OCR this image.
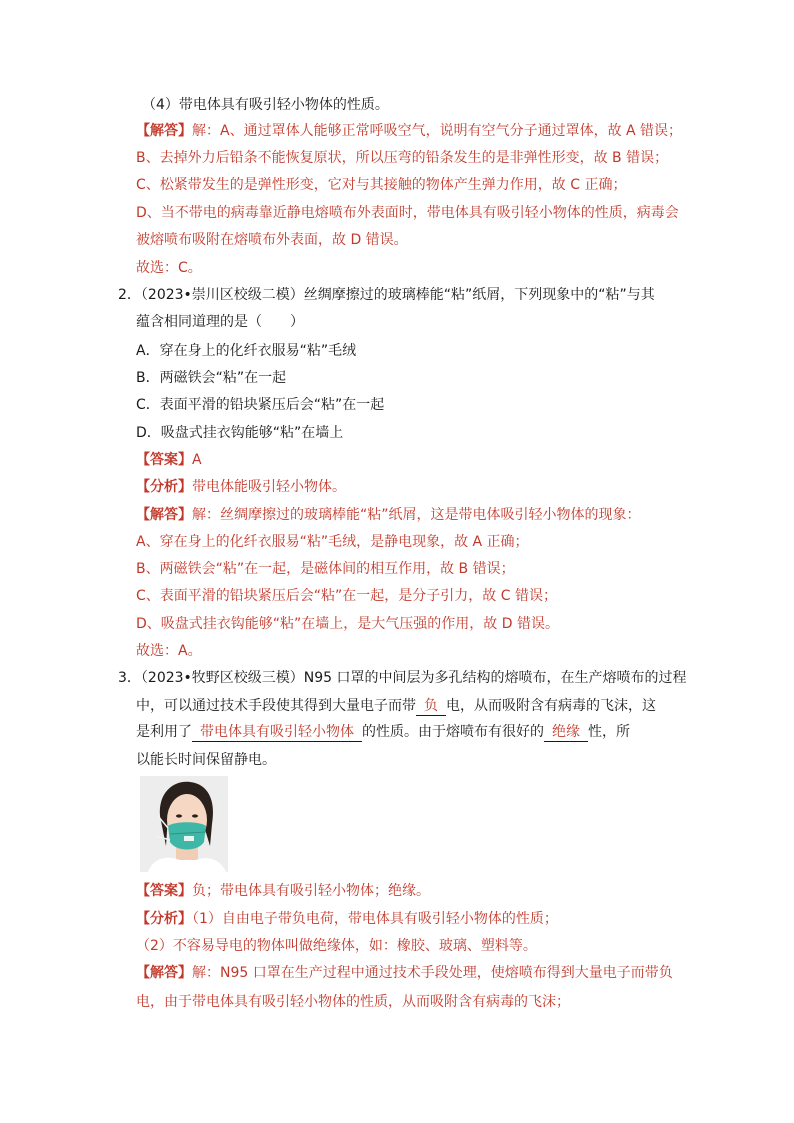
（4）带电体具有吸引轻小物体的性质。
【解答】解：A、通过罩体人能够正常呼吸空气，说明有空气分子通过罩体，故 A 错误；
B、去掉外力后铅条不能恢复原状，所以压弯的铅条发生的是非弹性形变，故 B 错误；
C、松紧带发生的是弹性形变，它对与其接触的物体产生弹力作用，故 C 正确；
D、当不带电的病毒靠近静电熔喷布外表面时，带电体具有吸引轻小物体的性质，病毒会
被熔喷布吸附在熔喷布外表面，故 D 错误。
故选：C。
2．（2023•崇川区校级二模）丝绸摩擦过的玻璃棒能“粘”纸屑，下列现象中的“粘”与其
蕴含相同道理的是（　　）
A．穿在身上的化纤衣服易“粘”毛绒
B．两磁铁会“粘”在一起
C．表面平滑的铅块紧压后会“粘”在一起
D．吸盘式挂衣钩能够“粘”在墙上
【答案】A
【分析】带电体能吸引轻小物体。
【解答】解：丝绸摩擦过的玻璃棒能“粘”纸屑，这是带电体吸引轻小物体的现象：
A、穿在身上的化纤衣服易“粘”毛绒，是静电现象，故 A 正确；
B、两磁铁会“粘”在一起，是磁体间的相互作用，故 B 错误；
C、表面平滑的铅块紧压后会“粘”在一起，是分子引力，故 C 错误；
D、吸盘式挂衣钩能够“粘”在墙上，是大气压强的作用，故 D 错误。
故选：A。
3．（2023•牧野区校级三模）N95 口罩的中间层为多孔结构的熔喷布，在生产熔喷布的过程
中，可以通过技术手段使其得到大量电子而带 负 电，从而吸附含有病毒的飞沫，这
是利用了 带电体具有吸引轻小物体 的性质。由于熔喷布有很好的 绝缘 性，所
以能长时间保留静电。
【答案】负；带电体具有吸引轻小物体；绝缘。
【分析】（1）自由电子带负电荷，带电体具有吸引轻小物体的性质；
（2）不容易导电的物体叫做绝缘体，如：橡胶、玻璃、塑料等。
【解答】解：N95 口罩在生产过程中通过技术手段处理，使熔喷布得到大量电子而带负
电，由于带电体具有吸引轻小物体的性质，从而吸附含有病毒的飞沫；
